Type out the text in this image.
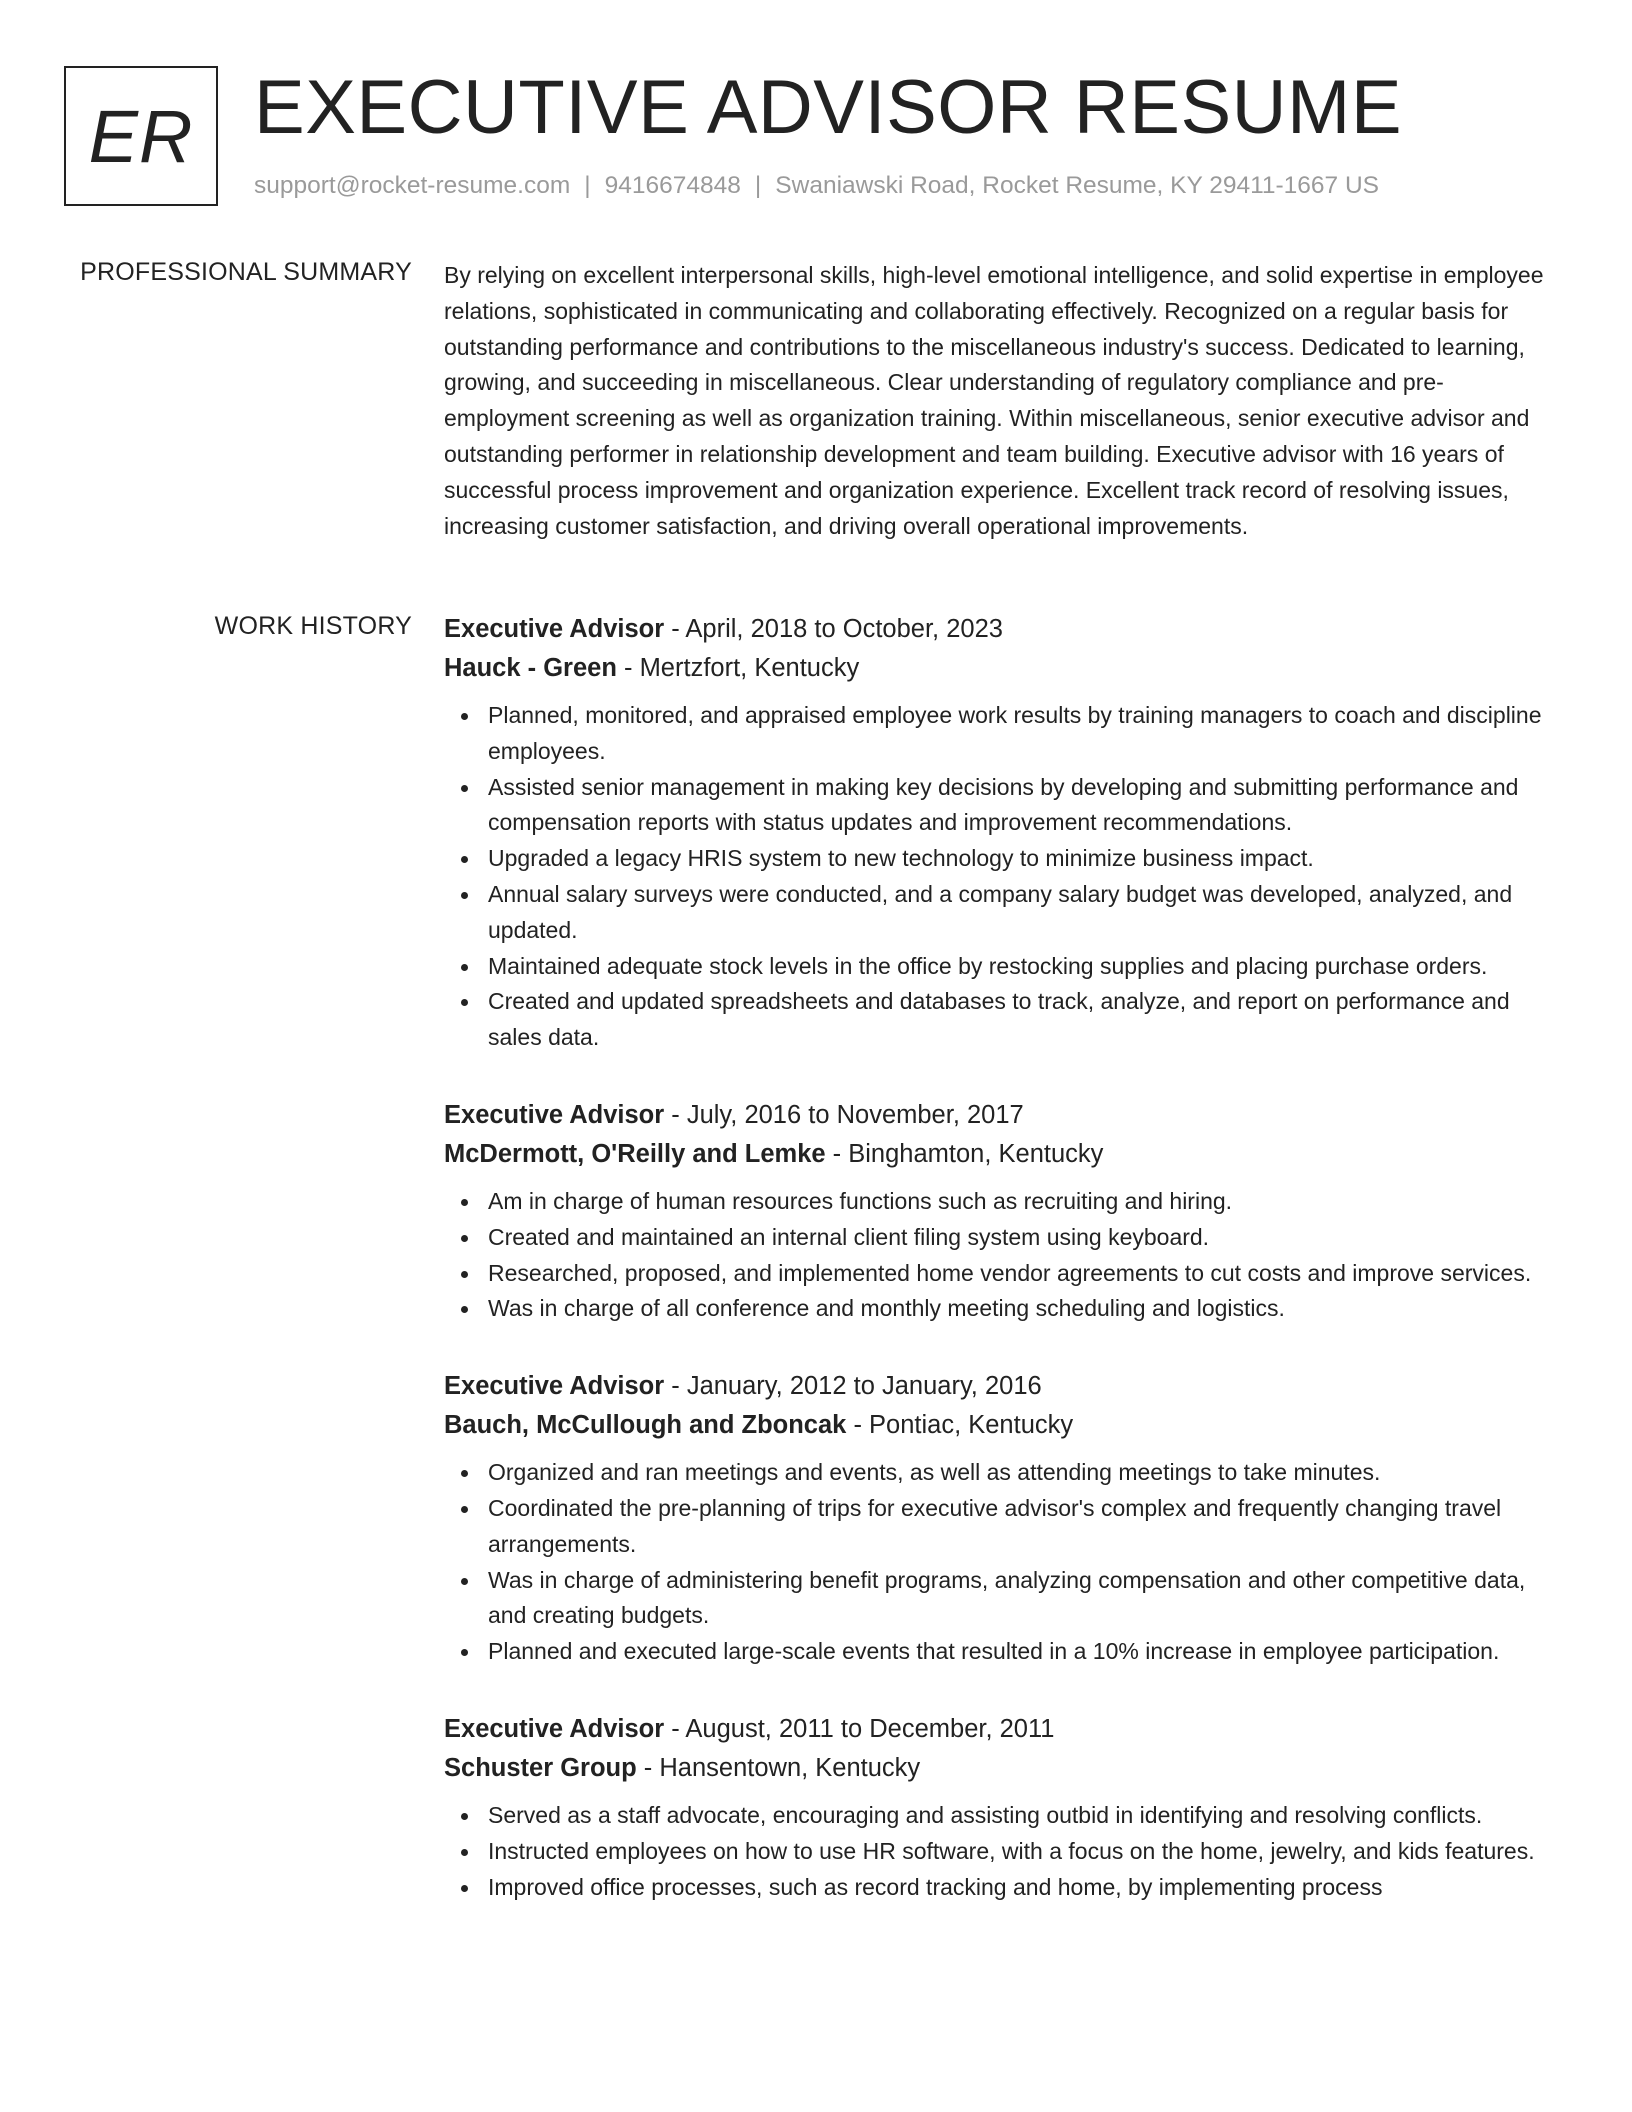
ER EXECUTIVE ADVISOR RESUME
support@rocket-resume.com | 9416674848 | Swaniawski Road, Rocket Resume, KY 29411-1667 US
PROFESSIONAL SUMMARY By relying on excellent interpersonal skills, high-level emotional intelligence, and solid expertise in employee relations, sophisticated in communicating and collaborating effectively. Recognized on a regular basis for outstanding performance and contributions to the miscellaneous industry's success. Dedicated to learning, growing, and succeeding in miscellaneous. Clear understanding of regulatory compliance and pre-employment screening as well as organization training. Within miscellaneous, senior executive advisor and outstanding performer in relationship development and team building. Executive advisor with 16 years of successful process improvement and organization experience. Excellent track record of resolving issues, increasing customer satisfaction, and driving overall operational improvements.

WORK HISTORY Executive Advisor - April, 2018 to October, 2023
Hauck - Green - Mertzfort, Kentucky
Planned, monitored, and appraised employee work results by training managers to coach and discipline employees.
Assisted senior management in making key decisions by developing and submitting performance and compensation reports with status updates and improvement recommendations.
Upgraded a legacy HRIS system to new technology to minimize business impact.
Annual salary surveys were conducted, and a company salary budget was developed, analyzed, and updated.
Maintained adequate stock levels in the office by restocking supplies and placing purchase orders.
Created and updated spreadsheets and databases to track, analyze, and report on performance and sales data.
Executive Advisor - July, 2016 to November, 2017
McDermott, O'Reilly and Lemke - Binghamton, Kentucky
Am in charge of human resources functions such as recruiting and hiring.
Created and maintained an internal client filing system using keyboard.
Researched, proposed, and implemented home vendor agreements to cut costs and improve services.
Was in charge of all conference and monthly meeting scheduling and logistics.
Executive Advisor - January, 2012 to January, 2016
Bauch, McCullough and Zboncak - Pontiac, Kentucky
Organized and ran meetings and events, as well as attending meetings to take minutes.
Coordinated the pre-planning of trips for executive advisor's complex and frequently changing travel arrangements.
Was in charge of administering benefit programs, analyzing compensation and other competitive data, and creating budgets.
Planned and executed large-scale events that resulted in a 10% increase in employee participation.
Executive Advisor - August, 2011 to December, 2011
Schuster Group - Hansentown, Kentucky
Served as a staff advocate, encouraging and assisting outbid in identifying and resolving conflicts.
Instructed employees on how to use HR software, with a focus on the home, jewelry, and kids features.
Improved office processes, such as record tracking and home, by implementing process
